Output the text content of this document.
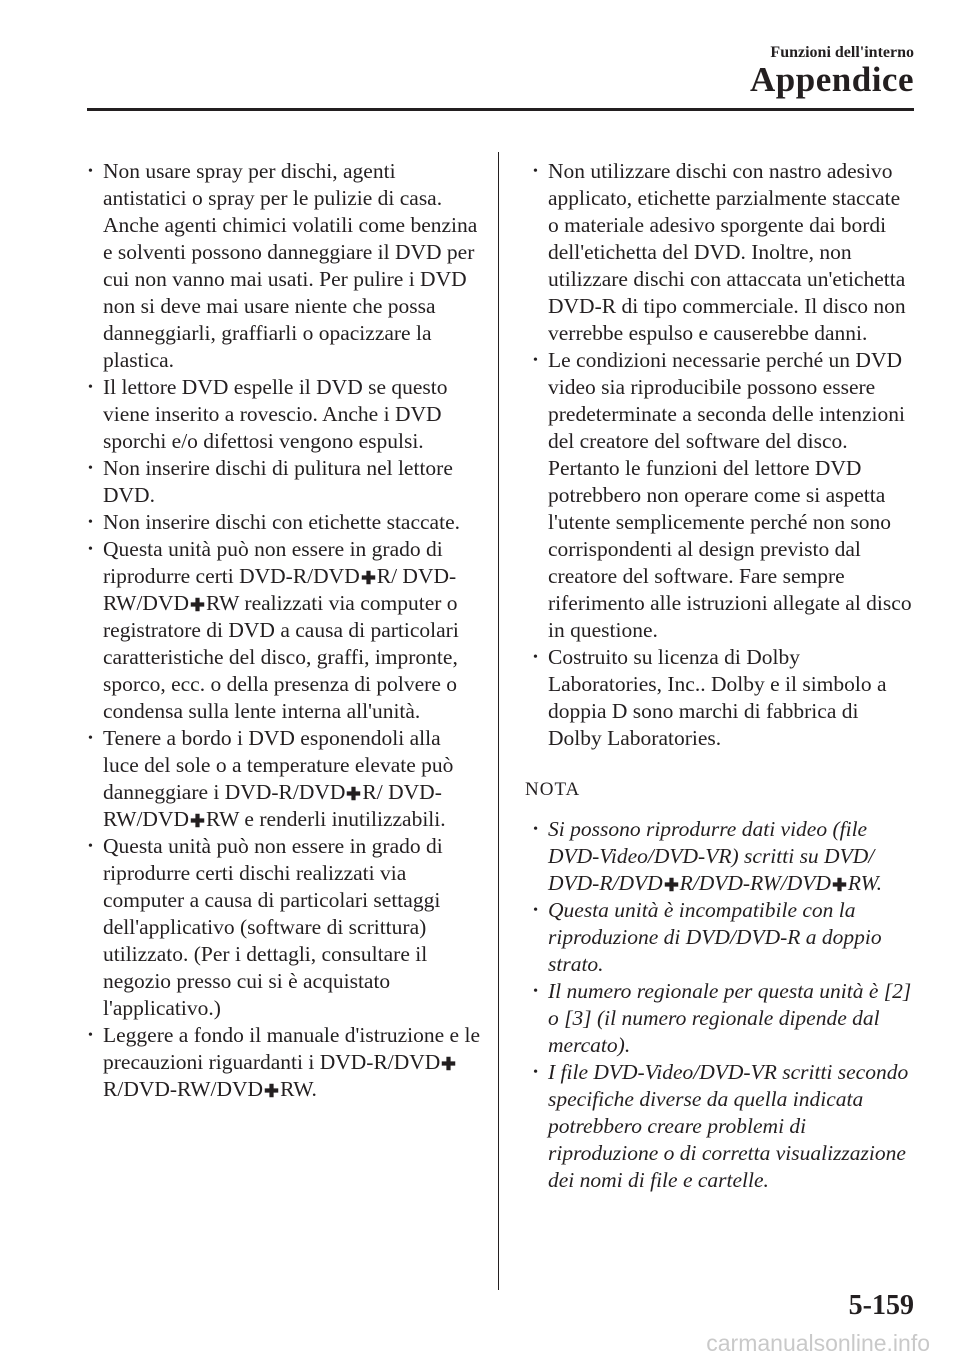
Funzioni dell'interno
Appendice
• Non usare spray per dischi, agenti antistatici o spray per le pulizie di casa. Anche agenti chimici volatili come benzina e solventi possono danneggiare il DVD per cui non vanno mai usati. Per pulire i DVD non si deve mai usare niente che possa danneggiarli, graffiarli o opacizzare la plastica.
• Il lettore DVD espelle il DVD se questo viene inserito a rovescio. Anche i DVD sporchi e/o difettosi vengono espulsi.
• Non inserire dischi di pulitura nel lettore DVD.
• Non inserire dischi con etichette staccate.
• Questa unità può non essere in grado di riprodurre certi DVD-R/DVD R/ DVD-RW/DVD RW realizzati via computer o registratore di DVD a causa di particolari caratteristiche del disco, graffi, impronte, sporco, ecc. o della presenza di polvere o condensa sulla lente interna all'unità.
• Tenere a bordo i DVD esponendoli alla luce del sole o a temperature elevate può danneggiare i DVD-R/DVD R/ DVD-RW/DVD RW e renderli inutilizzabili.
• Questa unità può non essere in grado di riprodurre certi dischi realizzati via computer a causa di particolari settaggi dell'applicativo (software di scrittura) utilizzato. (Per i dettagli, consultare il negozio presso cui si è acquistato l'applicativo.)
• Leggere a fondo il manuale d'istruzione e le precauzioni riguardanti i DVD-R/DVDR/DVD-RW/DVD RW.
• Non utilizzare dischi con nastro adesivo applicato, etichette parzialmente staccate o materiale adesivo sporgente dai bordi dell'etichetta del DVD. Inoltre, non utilizzare dischi con attaccata un'etichetta DVD-R di tipo commerciale. Il disco non verrebbe espulso e causerebbe danni.
• Le condizioni necessarie perché un DVD video sia riproducibile possono essere predeterminate a seconda delle intenzioni del creatore del software del disco. Pertanto le funzioni del lettore DVD potrebbero non operare come si aspetta l'utente semplicemente perché non sono corrispondenti al design previsto dal creatore del software. Fare sempre riferimento alle istruzioni allegate al disco in questione.
• Costruito su licenza di Dolby Laboratories, Inc.. Dolby e il simbolo a doppia D sono marchi di fabbrica di Dolby Laboratories.
NOTA
• Si possono riprodurre dati video (file DVD-Video/DVD-VR) scritti su DVD/ DVD-R/DVD R/DVD-RW/DVD RW.
• Questa unità è incompatibile con la riproduzione di DVD/DVD-R a doppio strato.
• Il numero regionale per questa unità è [2] o [3] (il numero regionale dipende dal mercato).
• I file DVD-Video/DVD-VR scritti secondo specifiche diverse da quella indicata potrebbero creare problemi di riproduzione o di corretta visualizzazione dei nomi di file e cartelle.
5-159
carmanualsonline.info
